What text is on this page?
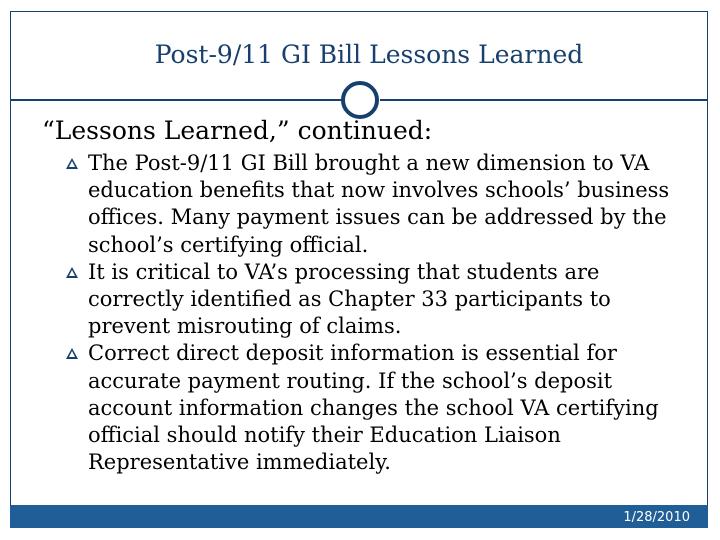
Post-9/11 GI Bill Lessons Learned
“Lessons Learned,” continued:
The Post-9/11 GI Bill brought a new dimension to VA education benefits that now involves schools’ business offices. Many payment issues can be addressed by the school’s certifying official.
It is critical to VA’s processing that students are correctly identified as Chapter 33 participants to prevent misrouting of claims.
Correct direct deposit information is essential for accurate payment routing. If the school’s deposit account information changes the school VA certifying official should notify their Education Liaison Representative immediately.
1/28/2010
